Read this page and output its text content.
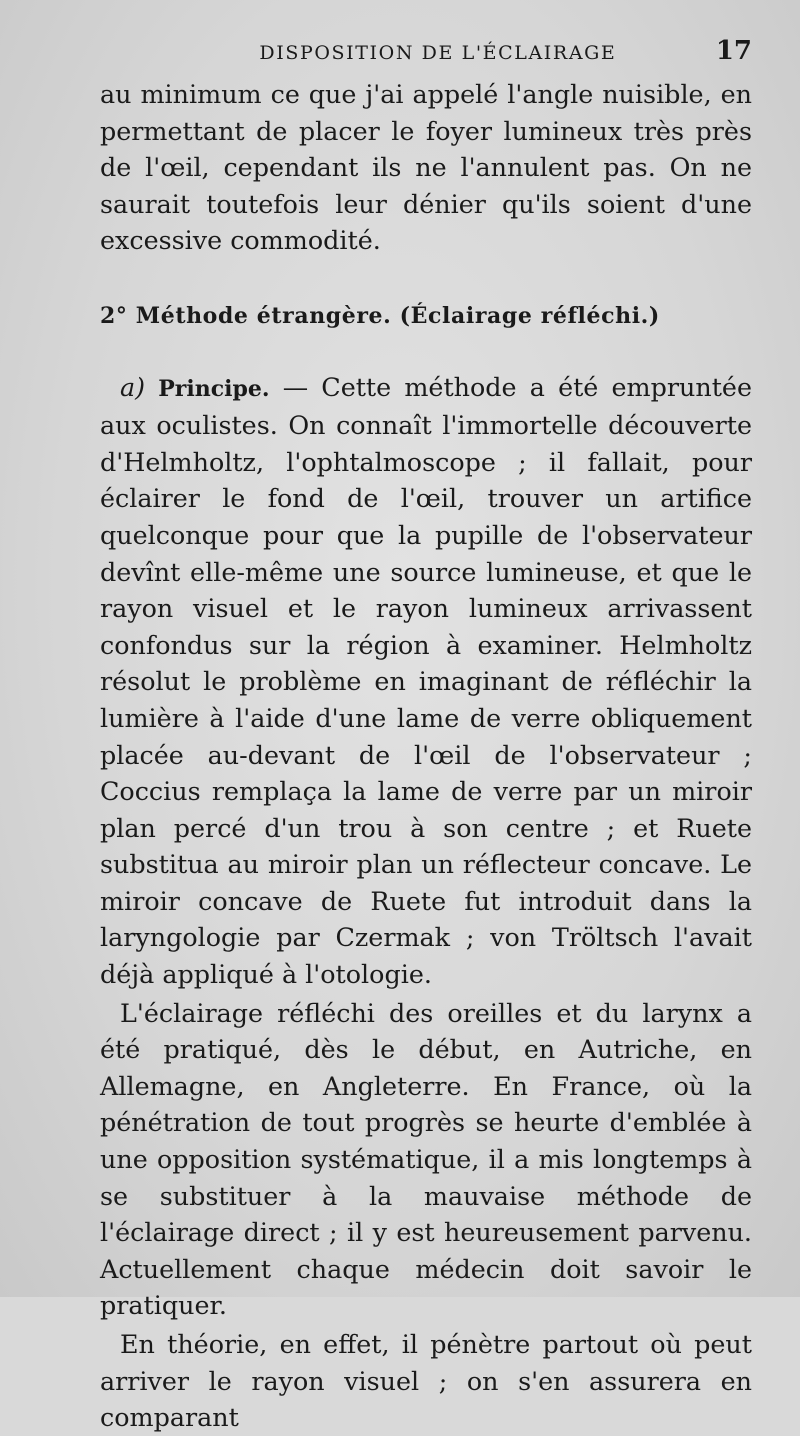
DISPOSITION DE L'ÉCLAIRAGE	17

au minimum ce que j'ai appelé l'angle nuisible, en permettant de placer le foyer lumineux très près de l'œil, cependant ils ne l'annulent pas. On ne saurait toutefois leur dénier qu'ils soient d'une excessive commodité.

2° Méthode étrangère. (Éclairage réfléchi.)

a) Principe. — Cette méthode a été empruntée aux oculistes. On connaît l'immortelle découverte d'Helmholtz, l'ophtalmoscope ; il fallait, pour éclairer le fond de l'œil, trouver un artifice quelconque pour que la pupille de l'observateur devînt elle-même une source lumineuse, et que le rayon visuel et le rayon lumineux arrivassent confondus sur la région à examiner. Helmholtz résolut le problème en imaginant de réfléchir la lumière à l'aide d'une lame de verre obliquement placée au-devant de l'œil de l'observateur ; Coccius remplaça la lame de verre par un miroir plan percé d'un trou à son centre ; et Ruete substitua au miroir plan un réflecteur concave. Le miroir concave de Ruete fut introduit dans la laryngologie par Czermak ; von Tröltsch l'avait déjà appliqué à l'otologie.

L'éclairage réfléchi des oreilles et du larynx a été pratiqué, dès le début, en Autriche, en Allemagne, en Angleterre. En France, où la pénétration de tout progrès se heurte d'emblée à une opposition systématique, il a mis longtemps à se substituer à la mauvaise méthode de l'éclairage direct ; il y est heureusement parvenu. Actuellement chaque médecin doit savoir le pratiquer.

En théorie, en effet, il pénètre partout où peut arriver le rayon visuel ; on s'en assurera en comparant
